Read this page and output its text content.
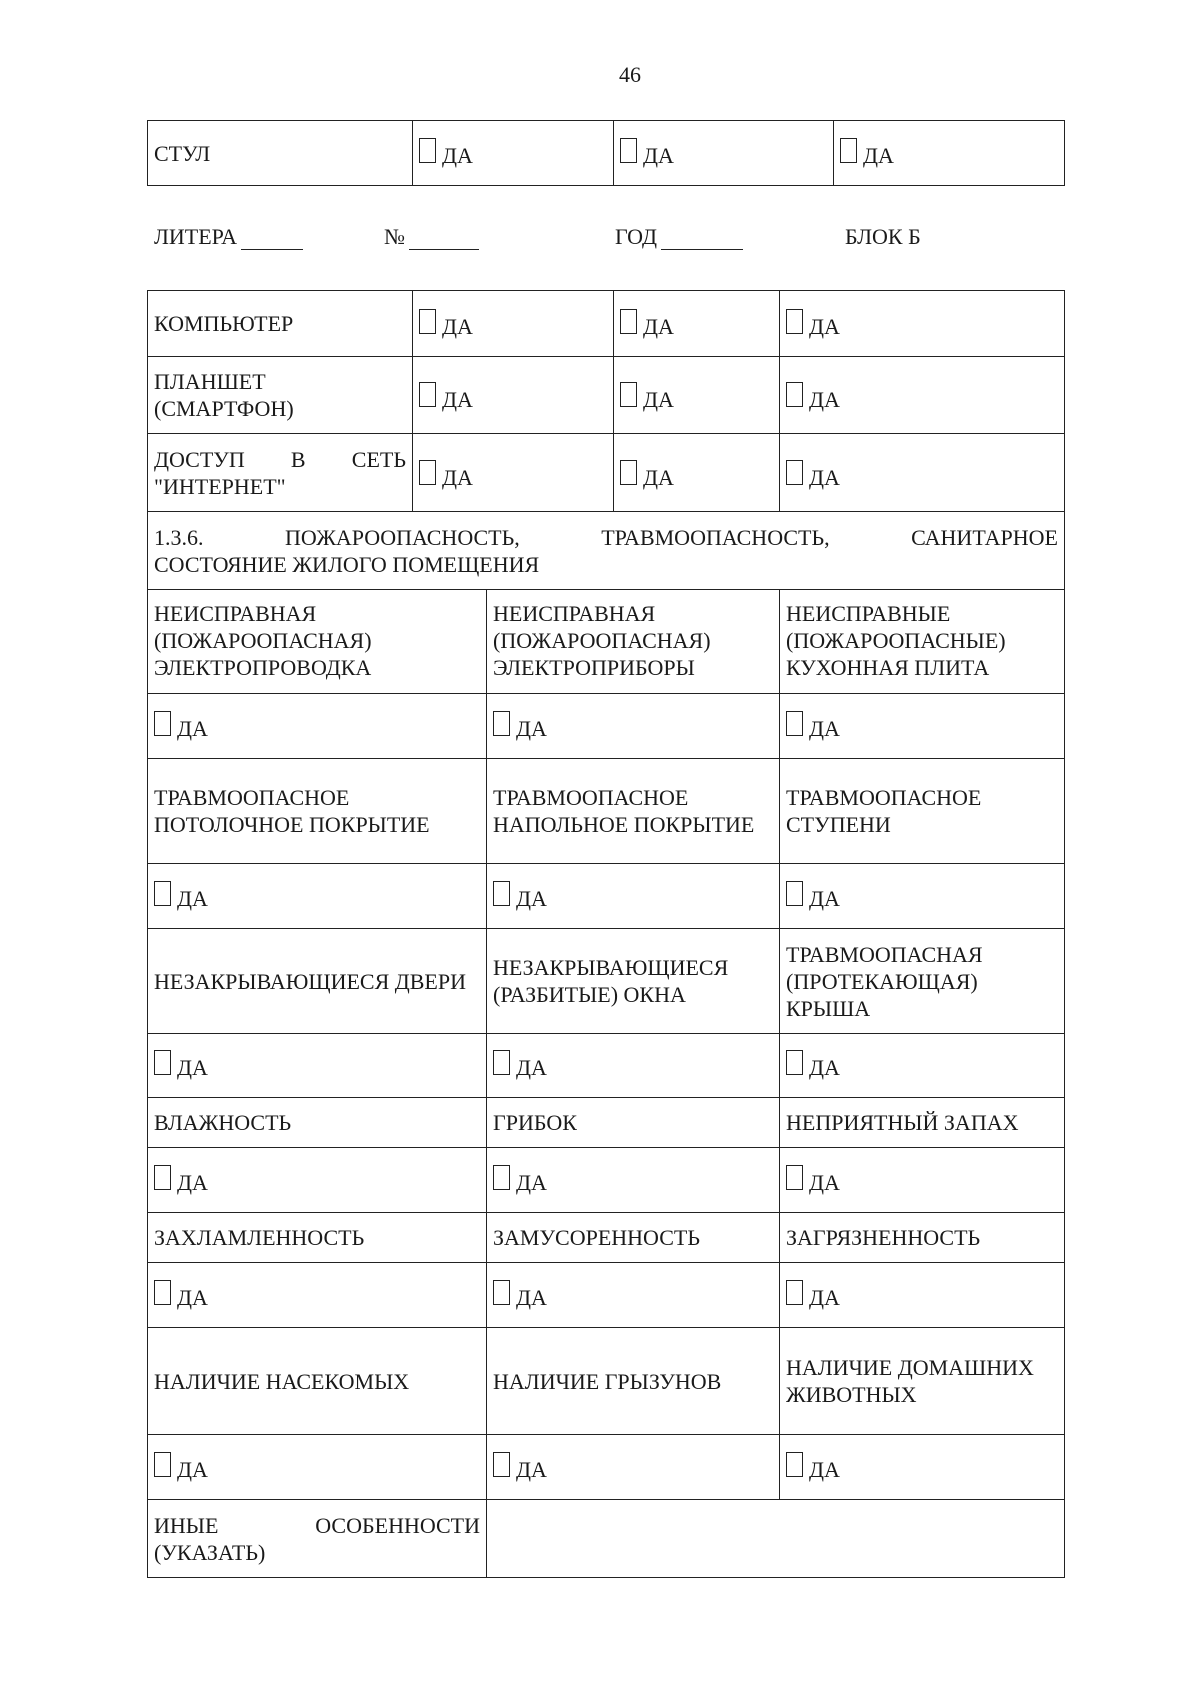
46
СТУЛ	ДА	ДА	ДА
ЛИТЕРА	№	ГОД	БЛОК Б
КОМПЬЮТЕР	ДА		ДА	ДА

ПЛАНШЕТ
(СМАРТФОН)	ДА		ДА	ДА

ДОСТУП В СЕТЬ
"ИНТЕРНЕТ"	ДА		ДА	ДА

1.3.6. ПОЖАРООПАСНОСТЬ, ТРАВМООПАСНОСТЬ, САНИТАРНОЕ
СОСТОЯНИЕ ЖИЛОГО ПОМЕЩЕНИЯ				

НЕИСПРАВНАЯ (ПОЖАРООПАСНАЯ) ЭЛЕКТРОПРОВОДКА		НЕИСПРАВНАЯ (ПОЖАРООПАСНАЯ) ЭЛЕКТРОПРИБОРЫ		НЕИСПРАВНЫЕ (ПОЖАРООПАСНЫЕ) КУХОННАЯ ПЛИТА

ДА		ДА		ДА

ТРАВМООПАСНОЕ ПОТОЛОЧНОЕ ПОКРЫТИЕ		ТРАВМООПАСНОЕ НАПОЛЬНОЕ ПОКРЫТИЕ		ТРАВМООПАСНОЕ СТУПЕНИ

ДА		ДА		ДА

НЕЗАКРЫВАЮЩИЕСЯ ДВЕРИ		НЕЗАКРЫВАЮЩИЕСЯ (РАЗБИТЫЕ) ОКНА		ТРАВМООПАСНАЯ (ПРОТЕКАЮЩАЯ) КРЫША

ДА		ДА		ДА

ВЛАЖНОСТЬ		ГРИБОК		НЕПРИЯТНЫЙ ЗАПАХ

ДА		ДА		ДА

ЗАХЛАМЛЕННОСТЬ		ЗАМУСОРЕННОСТЬ		ЗАГРЯЗНЕННОСТЬ

ДА		ДА		ДА

НАЛИЧИЕ НАСЕКОМЫХ		НАЛИЧИЕ ГРЫЗУНОВ		НАЛИЧИЕ ДОМАШНИХ ЖИВОТНЫХ

ДА		ДА		ДА

ИНЫЕ ОСОБЕННОСТИ
(УКАЗАТЬ)				
